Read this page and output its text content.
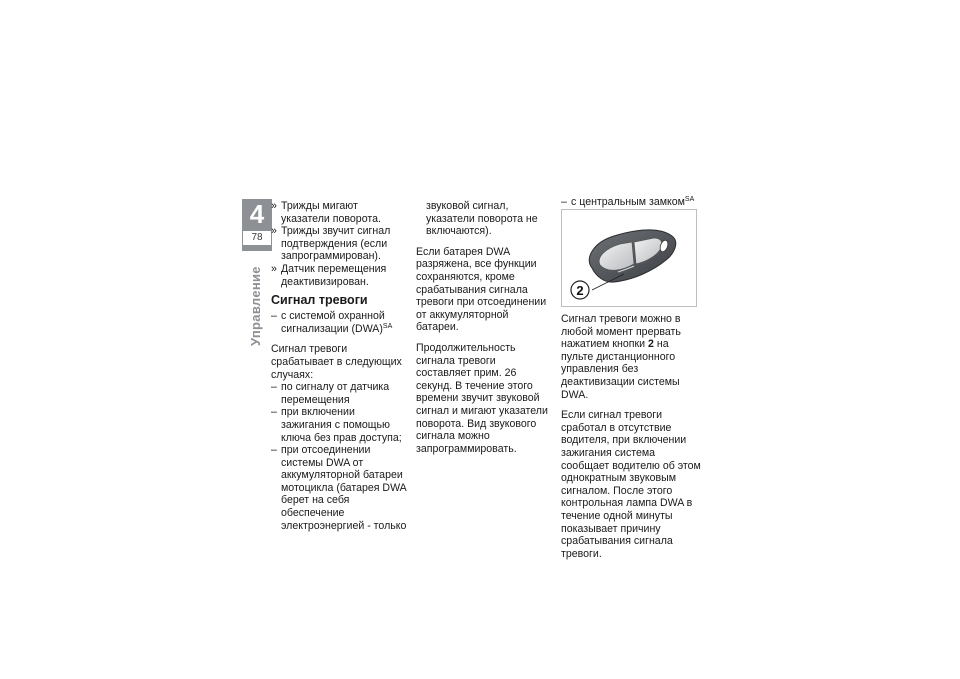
4
78
Управление
» Трижды мигают указатели поворота.
» Трижды звучит сигнал подтверждения (если запрограммирован).
» Датчик перемещения деактивизирован.
Сигнал тревоги
– с системой охранной сигнализации (DWA)$^{SA}$
Сигнал тревоги срабатывает в следующих случаях:
– по сигналу от датчика перемещения
– при включении зажигания с помощью ключа без прав доступа;
– при отсоединении системы DWA от аккумуляторной батареи мотоцикла (батарея DWA берет на себя обеспечение электроэнергией - только
звуковой сигнал, указатели поворота не включаются).
Если батарея DWA разряжена, все функции сохраняются, кроме срабатывания сигнала тревоги при отсоединении от аккумуляторной батареи.
Продолжительность сигнала тревоги составляет прим. 26 секунд. В течение этого времени звучит звуковой сигнал и мигают указатели поворота. Вид звукового сигнала можно запрограммировать.
– с центральным замком$^{SA}$
2
Сигнал тревоги можно в любой момент прервать нажатием кнопки 2 на пульте дистанционного управления без деактивизации системы DWA.
Если сигнал тревоги сработал в отсутствие водителя, при включении зажигания система сообщает водителю об этом однократным звуковым сигналом. После этого контрольная лампа DWA в течение одной минуты показывает причину срабатывания сигнала тревоги.
